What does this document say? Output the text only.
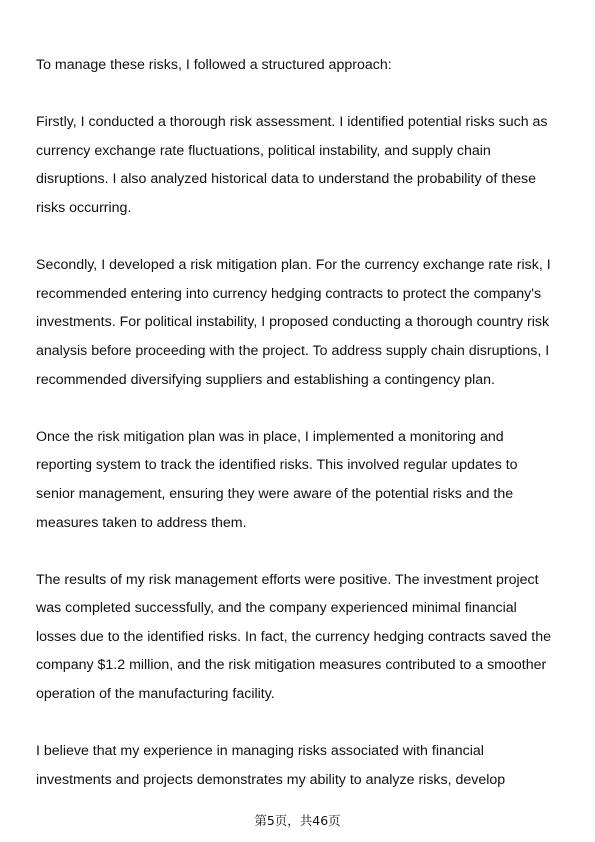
To manage these risks, I followed a structured approach:

Firstly, I conducted a thorough risk assessment. I identified potential risks such as
currency exchange rate fluctuations, political instability, and supply chain
disruptions. I also analyzed historical data to understand the probability of these
risks occurring.

Secondly, I developed a risk mitigation plan. For the currency exchange rate risk, I
recommended entering into currency hedging contracts to protect the company's
investments. For political instability, I proposed conducting a thorough country risk
analysis before proceeding with the project. To address supply chain disruptions, I
recommended diversifying suppliers and establishing a contingency plan.

Once the risk mitigation plan was in place, I implemented a monitoring and
reporting system to track the identified risks. This involved regular updates to
senior management, ensuring they were aware of the potential risks and the
measures taken to address them.

The results of my risk management efforts were positive. The investment project
was completed successfully, and the company experienced minimal financial
losses due to the identified risks. In fact, the currency hedging contracts saved the
company $1.2 million, and the risk mitigation measures contributed to a smoother
operation of the manufacturing facility.

I believe that my experience in managing risks associated with financial
investments and projects demonstrates my ability to analyze risks, develop

第5页，共46页
